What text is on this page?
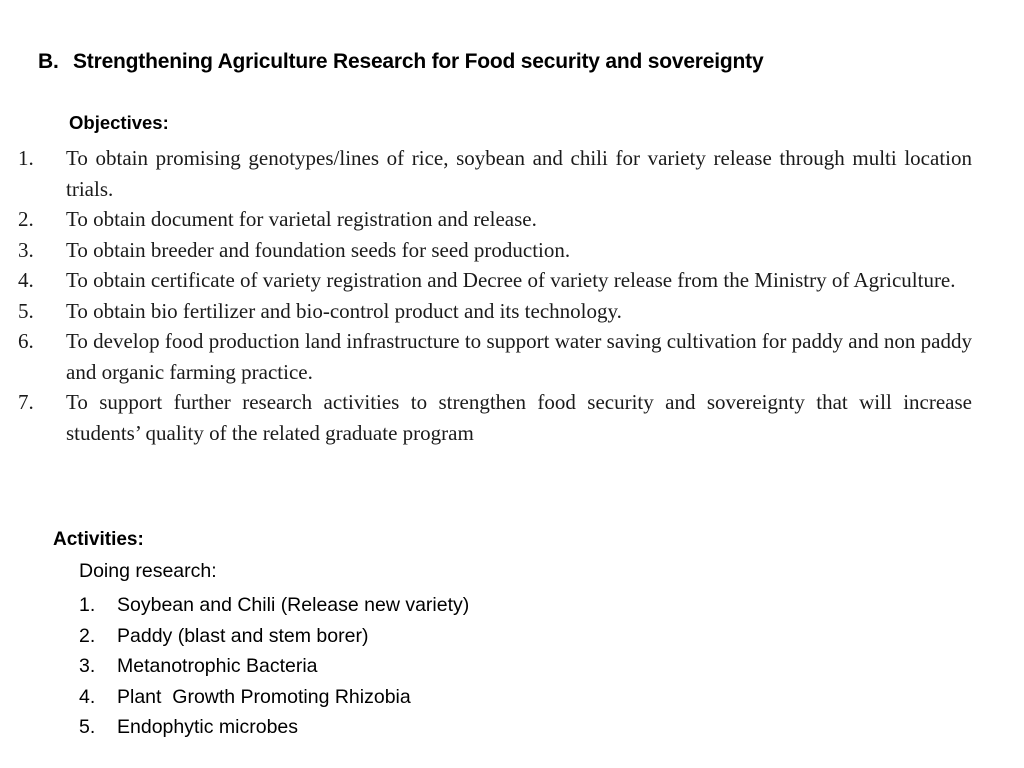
B. Strengthening Agriculture Research for Food security and sovereignty
Objectives:
1.	To obtain promising genotypes/lines of rice, soybean and chili for variety release through multi location trials.
2.	To obtain document for varietal registration and release.
3.	To obtain breeder and foundation seeds for seed production.
4.	To obtain certificate of variety registration and Decree of variety release from the Ministry of Agriculture.
5.	To obtain bio fertilizer and bio-control product and its technology.
6.	To develop food production land infrastructure to support water saving cultivation for paddy and non paddy and organic farming practice.
7.	To support further research activities to strengthen food security and sovereignty that will increase students’ quality of the related graduate program
Activities:
Doing research:
1.	Soybean and Chili (Release new variety)
2.	Paddy (blast and stem borer)
3.	Metanotrophic Bacteria
4.	Plant  Growth Promoting Rhizobia
5.	Endophytic microbes
